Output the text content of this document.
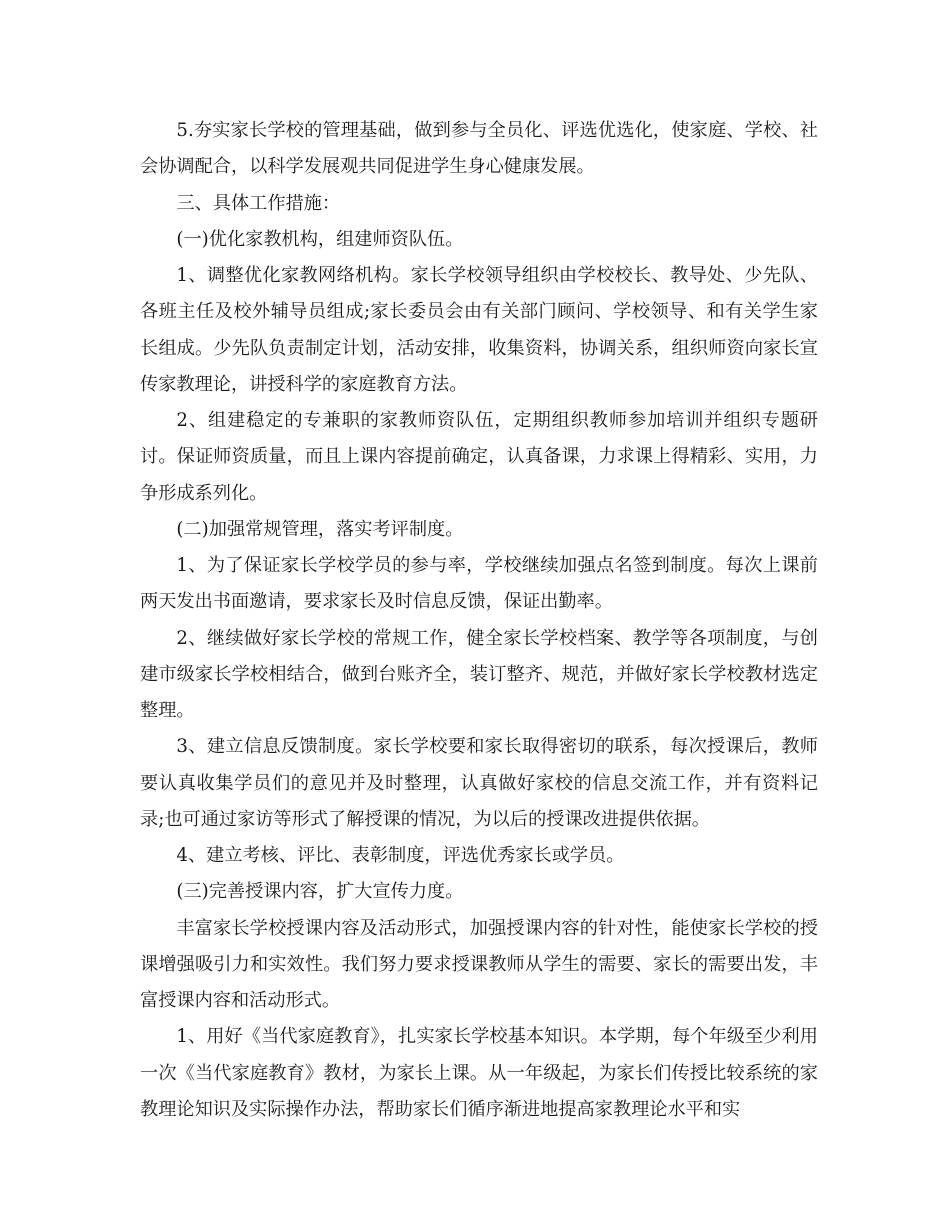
5.夯实家长学校的管理基础，做到参与全员化、评选优选化，使家庭、学校、社会协调配合，以科学发展观共同促进学生身心健康发展。

三、具体工作措施：

(一)优化家教机构，组建师资队伍。

1、调整优化家教网络机构。家长学校领导组织由学校校长、教导处、少先队、各班主任及校外辅导员组成;家长委员会由有关部门顾问、学校领导、和有关学生家长组成。少先队负责制定计划，活动安排，收集资料，协调关系，组织师资向家长宣传家教理论，讲授科学的家庭教育方法。

2、组建稳定的专兼职的家教师资队伍，定期组织教师参加培训并组织专题研讨。保证师资质量，而且上课内容提前确定，认真备课，力求课上得精彩、实用，力争形成系列化。

(二)加强常规管理，落实考评制度。

1、为了保证家长学校学员的参与率，学校继续加强点名签到制度。每次上课前两天发出书面邀请，要求家长及时信息反馈，保证出勤率。

2、继续做好家长学校的常规工作，健全家长学校档案、教学等各项制度，与创建市级家长学校相结合，做到台账齐全，装订整齐、规范，并做好家长学校教材选定整理。

3、建立信息反馈制度。家长学校要和家长取得密切的联系，每次授课后，教师要认真收集学员们的意见并及时整理，认真做好家校的信息交流工作，并有资料记录;也可通过家访等形式了解授课的情况，为以后的授课改进提供依据。

4、建立考核、评比、表彰制度，评选优秀家长或学员。

(三)完善授课内容，扩大宣传力度。

丰富家长学校授课内容及活动形式，加强授课内容的针对性，能使家长学校的授课增强吸引力和实效性。我们努力要求授课教师从学生的需要、家长的需要出发，丰富授课内容和活动形式。

1、用好《当代家庭教育》，扎实家长学校基本知识。本学期，每个年级至少利用一次《当代家庭教育》教材，为家长上课。从一年级起，为家长们传授比较系统的家教理论知识及实际操作办法，帮助家长们循序渐进地提高家教理论水平和实
